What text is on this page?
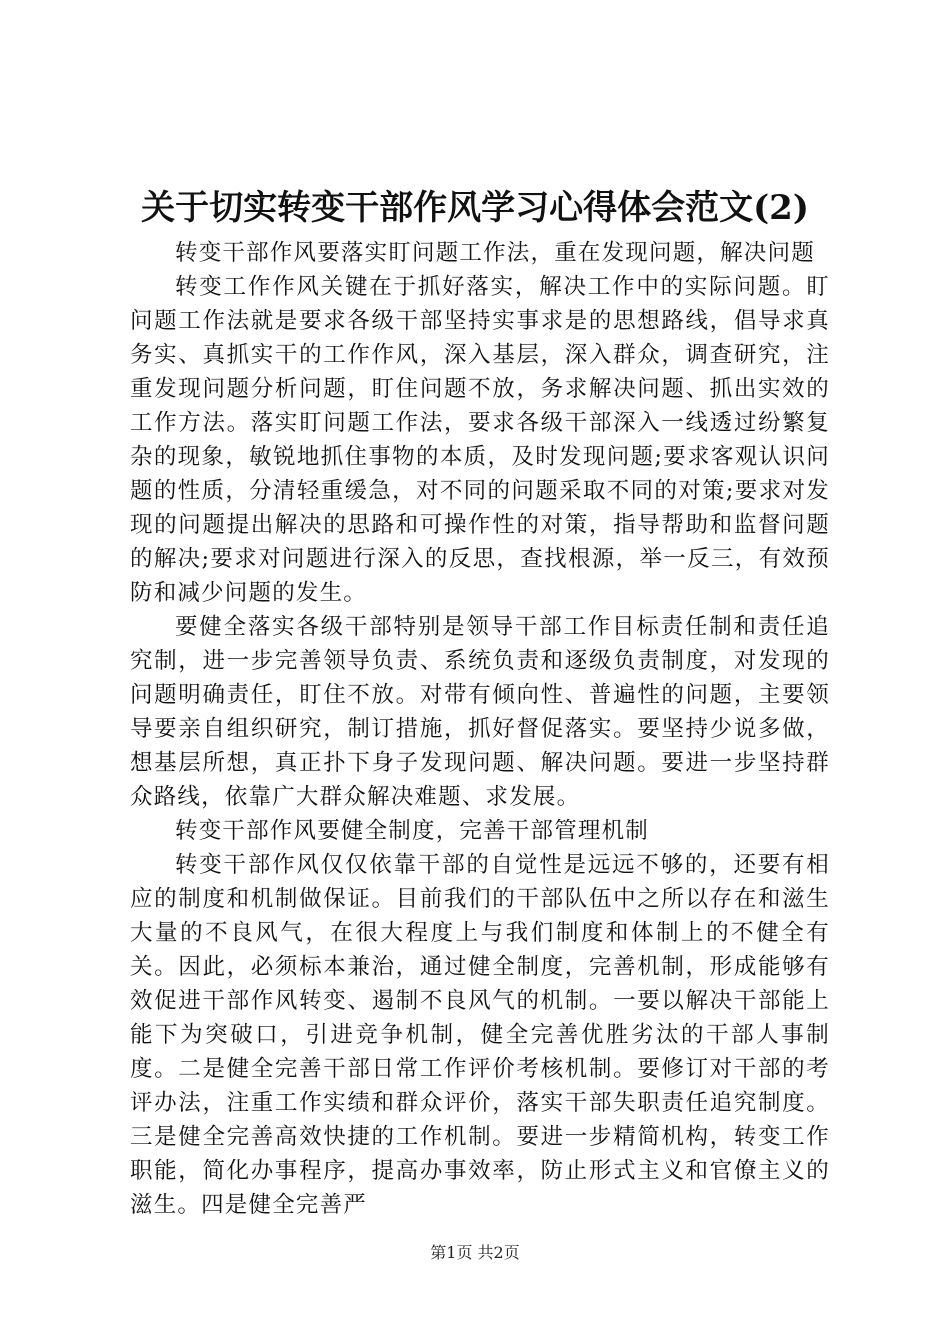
关于切实转变干部作风学习心得体会范文(2)

转变干部作风要落实盯问题工作法，重在发现问题，解决问题

转变工作作风关键在于抓好落实，解决工作中的实际问题。盯问题工作法就是要求各级干部坚持实事求是的思想路线，倡导求真务实、真抓实干的工作作风，深入基层，深入群众，调查研究，注重发现问题分析问题，盯住问题不放，务求解决问题、抓出实效的工作方法。落实盯问题工作法，要求各级干部深入一线透过纷繁复杂的现象，敏锐地抓住事物的本质，及时发现问题;要求客观认识问题的性质，分清轻重缓急，对不同的问题采取不同的对策;要求对发现的问题提出解决的思路和可操作性的对策，指导帮助和监督问题的解决;要求对问题进行深入的反思，查找根源，举一反三，有效预防和减少问题的发生。

要健全落实各级干部特别是领导干部工作目标责任制和责任追究制，进一步完善领导负责、系统负责和逐级负责制度，对发现的问题明确责任，盯住不放。对带有倾向性、普遍性的问题，主要领导要亲自组织研究，制订措施，抓好督促落实。要坚持少说多做，想基层所想，真正扑下身子发现问题、解决问题。要进一步坚持群众路线，依靠广大群众解决难题、求发展。

转变干部作风要健全制度，完善干部管理机制

转变干部作风仅仅依靠干部的自觉性是远远不够的，还要有相应的制度和机制做保证。目前我们的干部队伍中之所以存在和滋生大量的不良风气，在很大程度上与我们制度和体制上的不健全有关。因此，必须标本兼治，通过健全制度，完善机制，形成能够有效促进干部作风转变、遏制不良风气的机制。一要以解决干部能上能下为突破口，引进竞争机制，健全完善优胜劣汰的干部人事制度。二是健全完善干部日常工作评价考核机制。要修订对干部的考评办法，注重工作实绩和群众评价，落实干部失职责任追究制度。三是健全完善高效快捷的工作机制。要进一步精简机构，转变工作职能，简化办事程序，提高办事效率，防止形式主义和官僚主义的滋生。四是健全完善严

第1页 共2页
